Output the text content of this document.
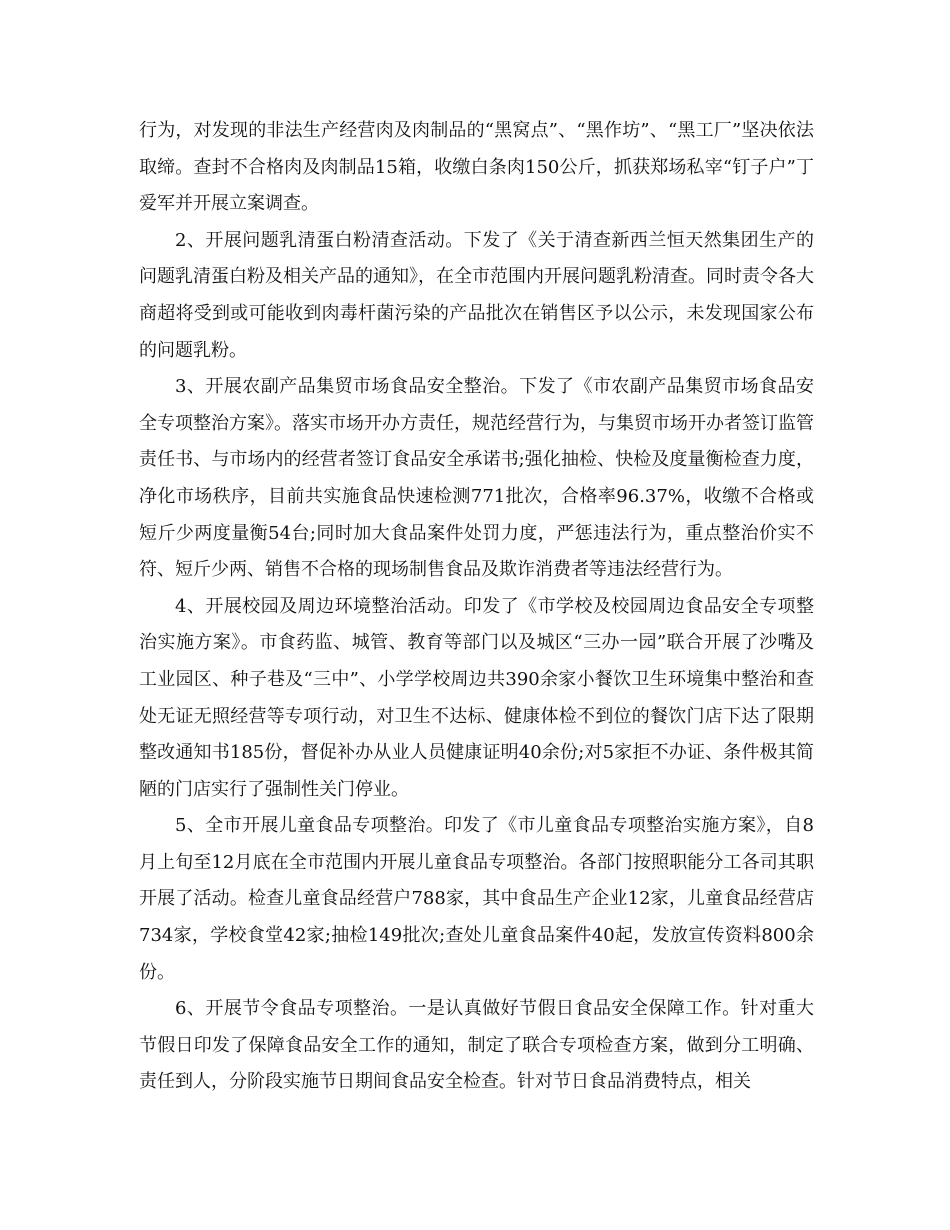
行为，对发现的非法生产经营肉及肉制品的“黑窝点”、“黑作坊”、“黑工厂”坚决依法取缔。查封不合格肉及肉制品15箱，收缴白条肉150公斤，抓获郑场私宰“钉子户”丁爱军并开展立案调查。

2、开展问题乳清蛋白粉清查活动。下发了《关于清查新西兰恒天然集团生产的问题乳清蛋白粉及相关产品的通知》，在全市范围内开展问题乳粉清查。同时责令各大商超将受到或可能收到肉毒杆菌污染的产品批次在销售区予以公示，未发现国家公布的问题乳粉。

3、开展农副产品集贸市场食品安全整治。下发了《市农副产品集贸市场食品安全专项整治方案》。落实市场开办方责任，规范经营行为，与集贸市场开办者签订监管责任书、与市场内的经营者签订食品安全承诺书;强化抽检、快检及度量衡检查力度，净化市场秩序，目前共实施食品快速检测771批次，合格率96.37%，收缴不合格或短斤少两度量衡54台;同时加大食品案件处罚力度，严惩违法行为，重点整治价实不符、短斤少两、销售不合格的现场制售食品及欺诈消费者等违法经营行为。

4、开展校园及周边环境整治活动。印发了《市学校及校园周边食品安全专项整治实施方案》。市食药监、城管、教育等部门以及城区“三办一园”联合开展了沙嘴及工业园区、种子巷及“三中”、小学学校周边共390余家小餐饮卫生环境集中整治和查处无证无照经营等专项行动，对卫生不达标、健康体检不到位的餐饮门店下达了限期整改通知书185份，督促补办从业人员健康证明40余份;对5家拒不办证、条件极其简陋的门店实行了强制性关门停业。

5、全市开展儿童食品专项整治。印发了《市儿童食品专项整治实施方案》，自8月上旬至12月底在全市范围内开展儿童食品专项整治。各部门按照职能分工各司其职开展了活动。检查儿童食品经营户788家，其中食品生产企业12家，儿童食品经营店734家，学校食堂42家;抽检149批次;查处儿童食品案件40起，发放宣传资料800余份。

6、开展节令食品专项整治。一是认真做好节假日食品安全保障工作。针对重大节假日印发了保障食品安全工作的通知，制定了联合专项检查方案，做到分工明确、责任到人，分阶段实施节日期间食品安全检查。针对节日食品消费特点，相关
